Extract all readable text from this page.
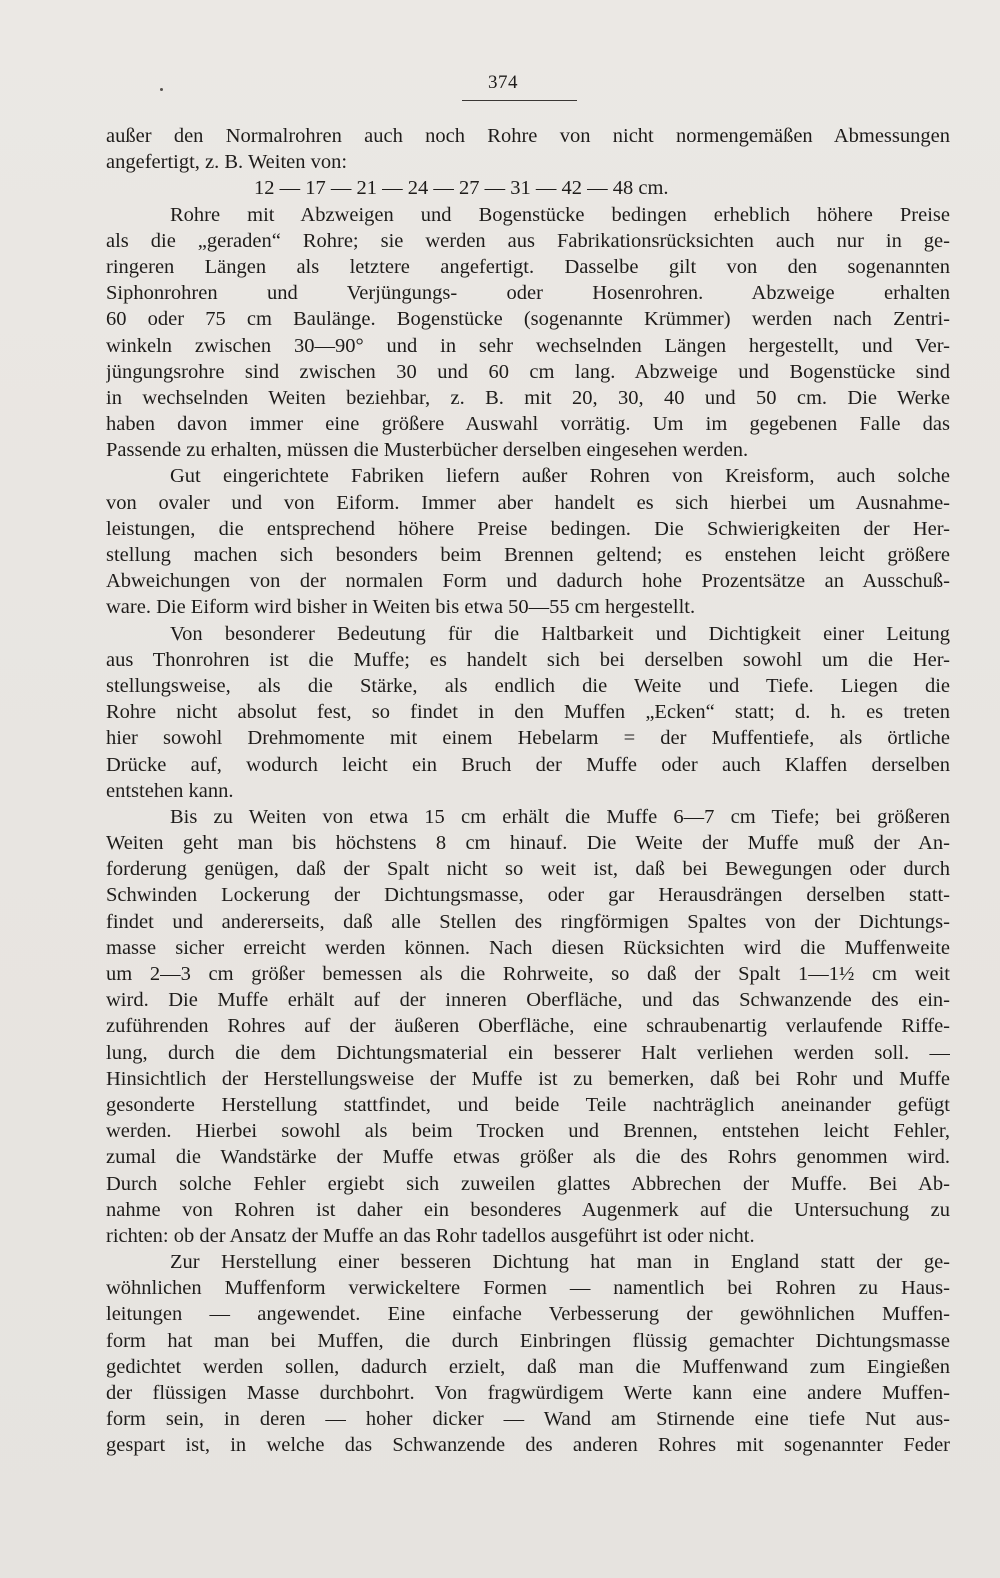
374
außer den Normalrohren auch noch Rohre von nicht normengemäßen Abmessungen
angefertigt, z. B. Weiten von:
12 — 17 — 21 — 24 — 27 — 31 — 42 — 48 cm.
Rohre mit Abzweigen und Bogenstücke bedingen erheblich höhere Preise
als die „geraden“ Rohre; sie werden aus Fabrikationsrücksichten auch nur in ge-
ringeren Längen als letztere angefertigt. Dasselbe gilt von den sogenannten
Siphonrohren und Verjüngungs- oder Hosenrohren. Abzweige erhalten
60 oder 75 cm Baulänge. Bogenstücke (sogenannte Krümmer) werden nach Zentri-
winkeln zwischen 30—90° und in sehr wechselnden Längen hergestellt, und Ver-
jüngungsrohre sind zwischen 30 und 60 cm lang. Abzweige und Bogenstücke sind
in wechselnden Weiten beziehbar, z. B. mit 20, 30, 40 und 50 cm. Die Werke
haben davon immer eine größere Auswahl vorrätig. Um im gegebenen Falle das
Passende zu erhalten, müssen die Musterbücher derselben eingesehen werden.
Gut eingerichtete Fabriken liefern außer Rohren von Kreisform, auch solche
von ovaler und von Eiform. Immer aber handelt es sich hierbei um Ausnahme-
leistungen, die entsprechend höhere Preise bedingen. Die Schwierigkeiten der Her-
stellung machen sich besonders beim Brennen geltend; es enstehen leicht größere
Abweichungen von der normalen Form und dadurch hohe Prozentsätze an Ausschuß-
ware. Die Eiform wird bisher in Weiten bis etwa 50—55 cm hergestellt.
Von besonderer Bedeutung für die Haltbarkeit und Dichtigkeit einer Leitung
aus Thonrohren ist die Muffe; es handelt sich bei derselben sowohl um die Her-
stellungsweise, als die Stärke, als endlich die Weite und Tiefe. Liegen die
Rohre nicht absolut fest, so findet in den Muffen „Ecken“ statt; d. h. es treten
hier sowohl Drehmomente mit einem Hebelarm = der Muffentiefe, als örtliche
Drücke auf, wodurch leicht ein Bruch der Muffe oder auch Klaffen derselben
entstehen kann.
Bis zu Weiten von etwa 15 cm erhält die Muffe 6—7 cm Tiefe; bei größeren
Weiten geht man bis höchstens 8 cm hinauf. Die Weite der Muffe muß der An-
forderung genügen, daß der Spalt nicht so weit ist, daß bei Bewegungen oder durch
Schwinden Lockerung der Dichtungsmasse, oder gar Herausdrängen derselben statt-
findet und andererseits, daß alle Stellen des ringförmigen Spaltes von der Dichtungs-
masse sicher erreicht werden können. Nach diesen Rücksichten wird die Muffenweite
um 2—3 cm größer bemessen als die Rohrweite, so daß der Spalt 1—1½ cm weit
wird. Die Muffe erhält auf der inneren Oberfläche, und das Schwanzende des ein-
zuführenden Rohres auf der äußeren Oberfläche, eine schraubenartig verlaufende Riffe-
lung, durch die dem Dichtungsmaterial ein besserer Halt verliehen werden soll. —
Hinsichtlich der Herstellungsweise der Muffe ist zu bemerken, daß bei Rohr und Muffe
gesonderte Herstellung stattfindet, und beide Teile nachträglich aneinander gefügt
werden. Hierbei sowohl als beim Trocken und Brennen, entstehen leicht Fehler,
zumal die Wandstärke der Muffe etwas größer als die des Rohrs genommen wird.
Durch solche Fehler ergiebt sich zuweilen glattes Abbrechen der Muffe. Bei Ab-
nahme von Rohren ist daher ein besonderes Augenmerk auf die Untersuchung zu
richten: ob der Ansatz der Muffe an das Rohr tadellos ausgeführt ist oder nicht.
Zur Herstellung einer besseren Dichtung hat man in England statt der ge-
wöhnlichen Muffenform verwickeltere Formen — namentlich bei Rohren zu Haus-
leitungen — angewendet. Eine einfache Verbesserung der gewöhnlichen Muffen-
form hat man bei Muffen, die durch Einbringen flüssig gemachter Dichtungsmasse
gedichtet werden sollen, dadurch erzielt, daß man die Muffenwand zum Eingießen
der flüssigen Masse durchbohrt. Von fragwürdigem Werte kann eine andere Muffen-
form sein, in deren — hoher dicker — Wand am Stirnende eine tiefe Nut aus-
gespart ist, in welche das Schwanzende des anderen Rohres mit sogenannter Feder
